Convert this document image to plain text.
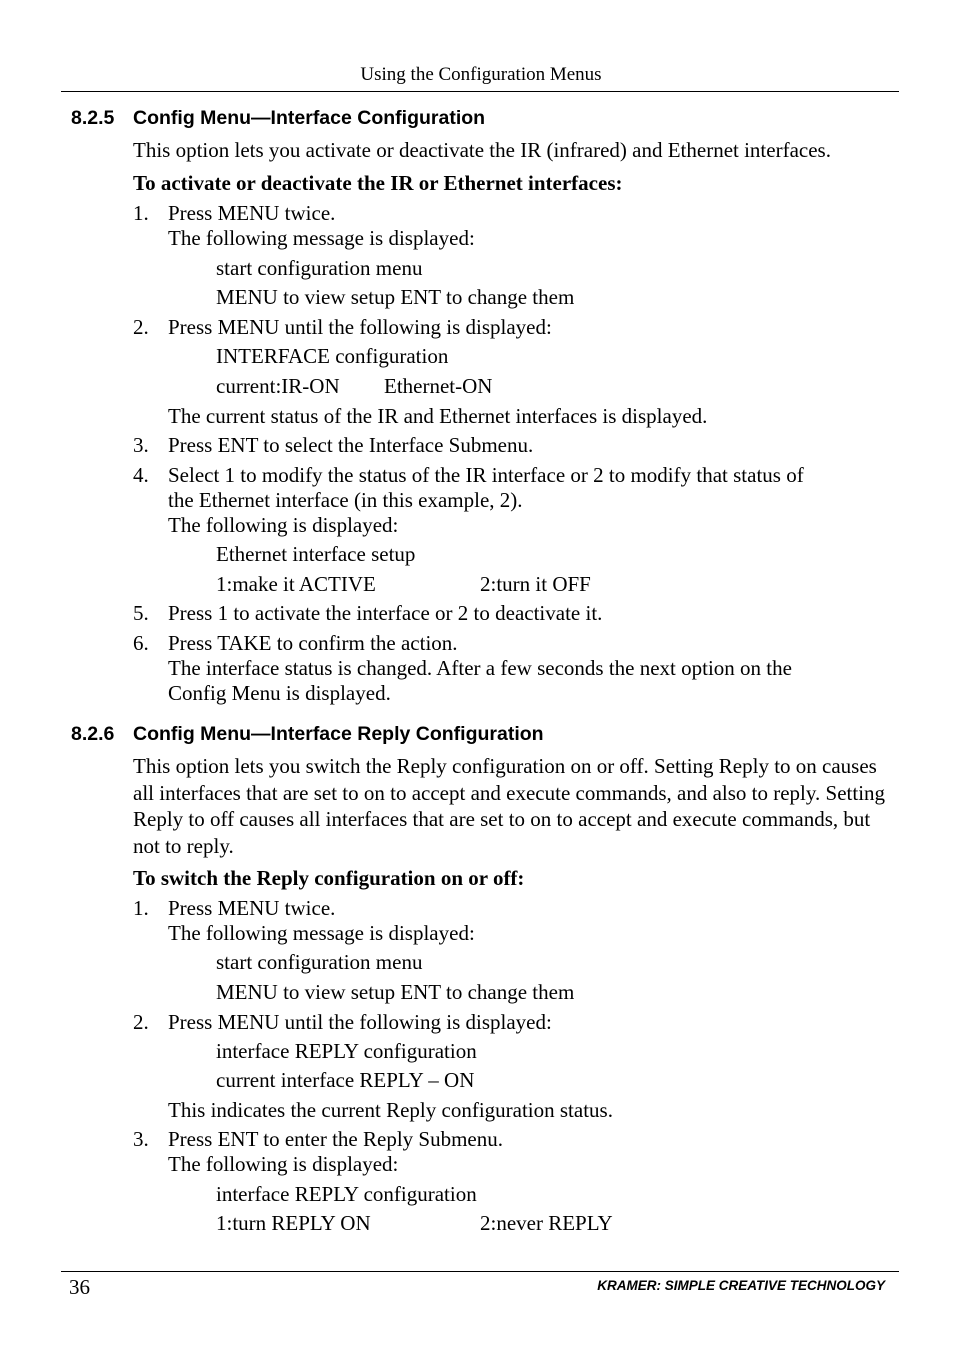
Using the Configuration Menus
8.2.5 Config Menu—Interface Configuration
This option lets you activate or deactivate the IR (infrared) and Ethernet interfaces.
To activate or deactivate the IR or Ethernet interfaces:
1. Press MENU twice.
The following message is displayed:
start configuration menu
MENU to view setup ENT to change them
2. Press MENU until the following is displayed:
INTERFACE configuration
current:IR-ON Ethernet-ON
The current status of the IR and Ethernet interfaces is displayed.
3. Press ENT to select the Interface Submenu.
4. Select 1 to modify the status of the IR interface or 2 to modify that status of
the Ethernet interface (in this example, 2).
The following is displayed:
Ethernet interface setup
1:make it ACTIVE	2:turn it OFF
5. Press 1 to activate the interface or 2 to deactivate it.
6. Press TAKE to confirm the action.
The interface status is changed. After a few seconds the next option on the
Config Menu is displayed.
8.2.6 Config Menu—Interface Reply Configuration
This option lets you switch the Reply configuration on or off. Setting Reply to on causes all interfaces that are set to on to accept and execute commands, and also to reply. Setting Reply to off causes all interfaces that are set to on to accept and execute commands, but not to reply.
To switch the Reply configuration on or off:
1. Press MENU twice.
The following message is displayed:
start configuration menu
MENU to view setup ENT to change them
2. Press MENU until the following is displayed:
interface REPLY configuration
current interface REPLY – ON
This indicates the current Reply configuration status.
3. Press ENT to enter the Reply Submenu.
The following is displayed:
interface REPLY configuration
1:turn REPLY ON	2:never REPLY
36	KRAMER: SIMPLE CREATIVE TECHNOLOGY
